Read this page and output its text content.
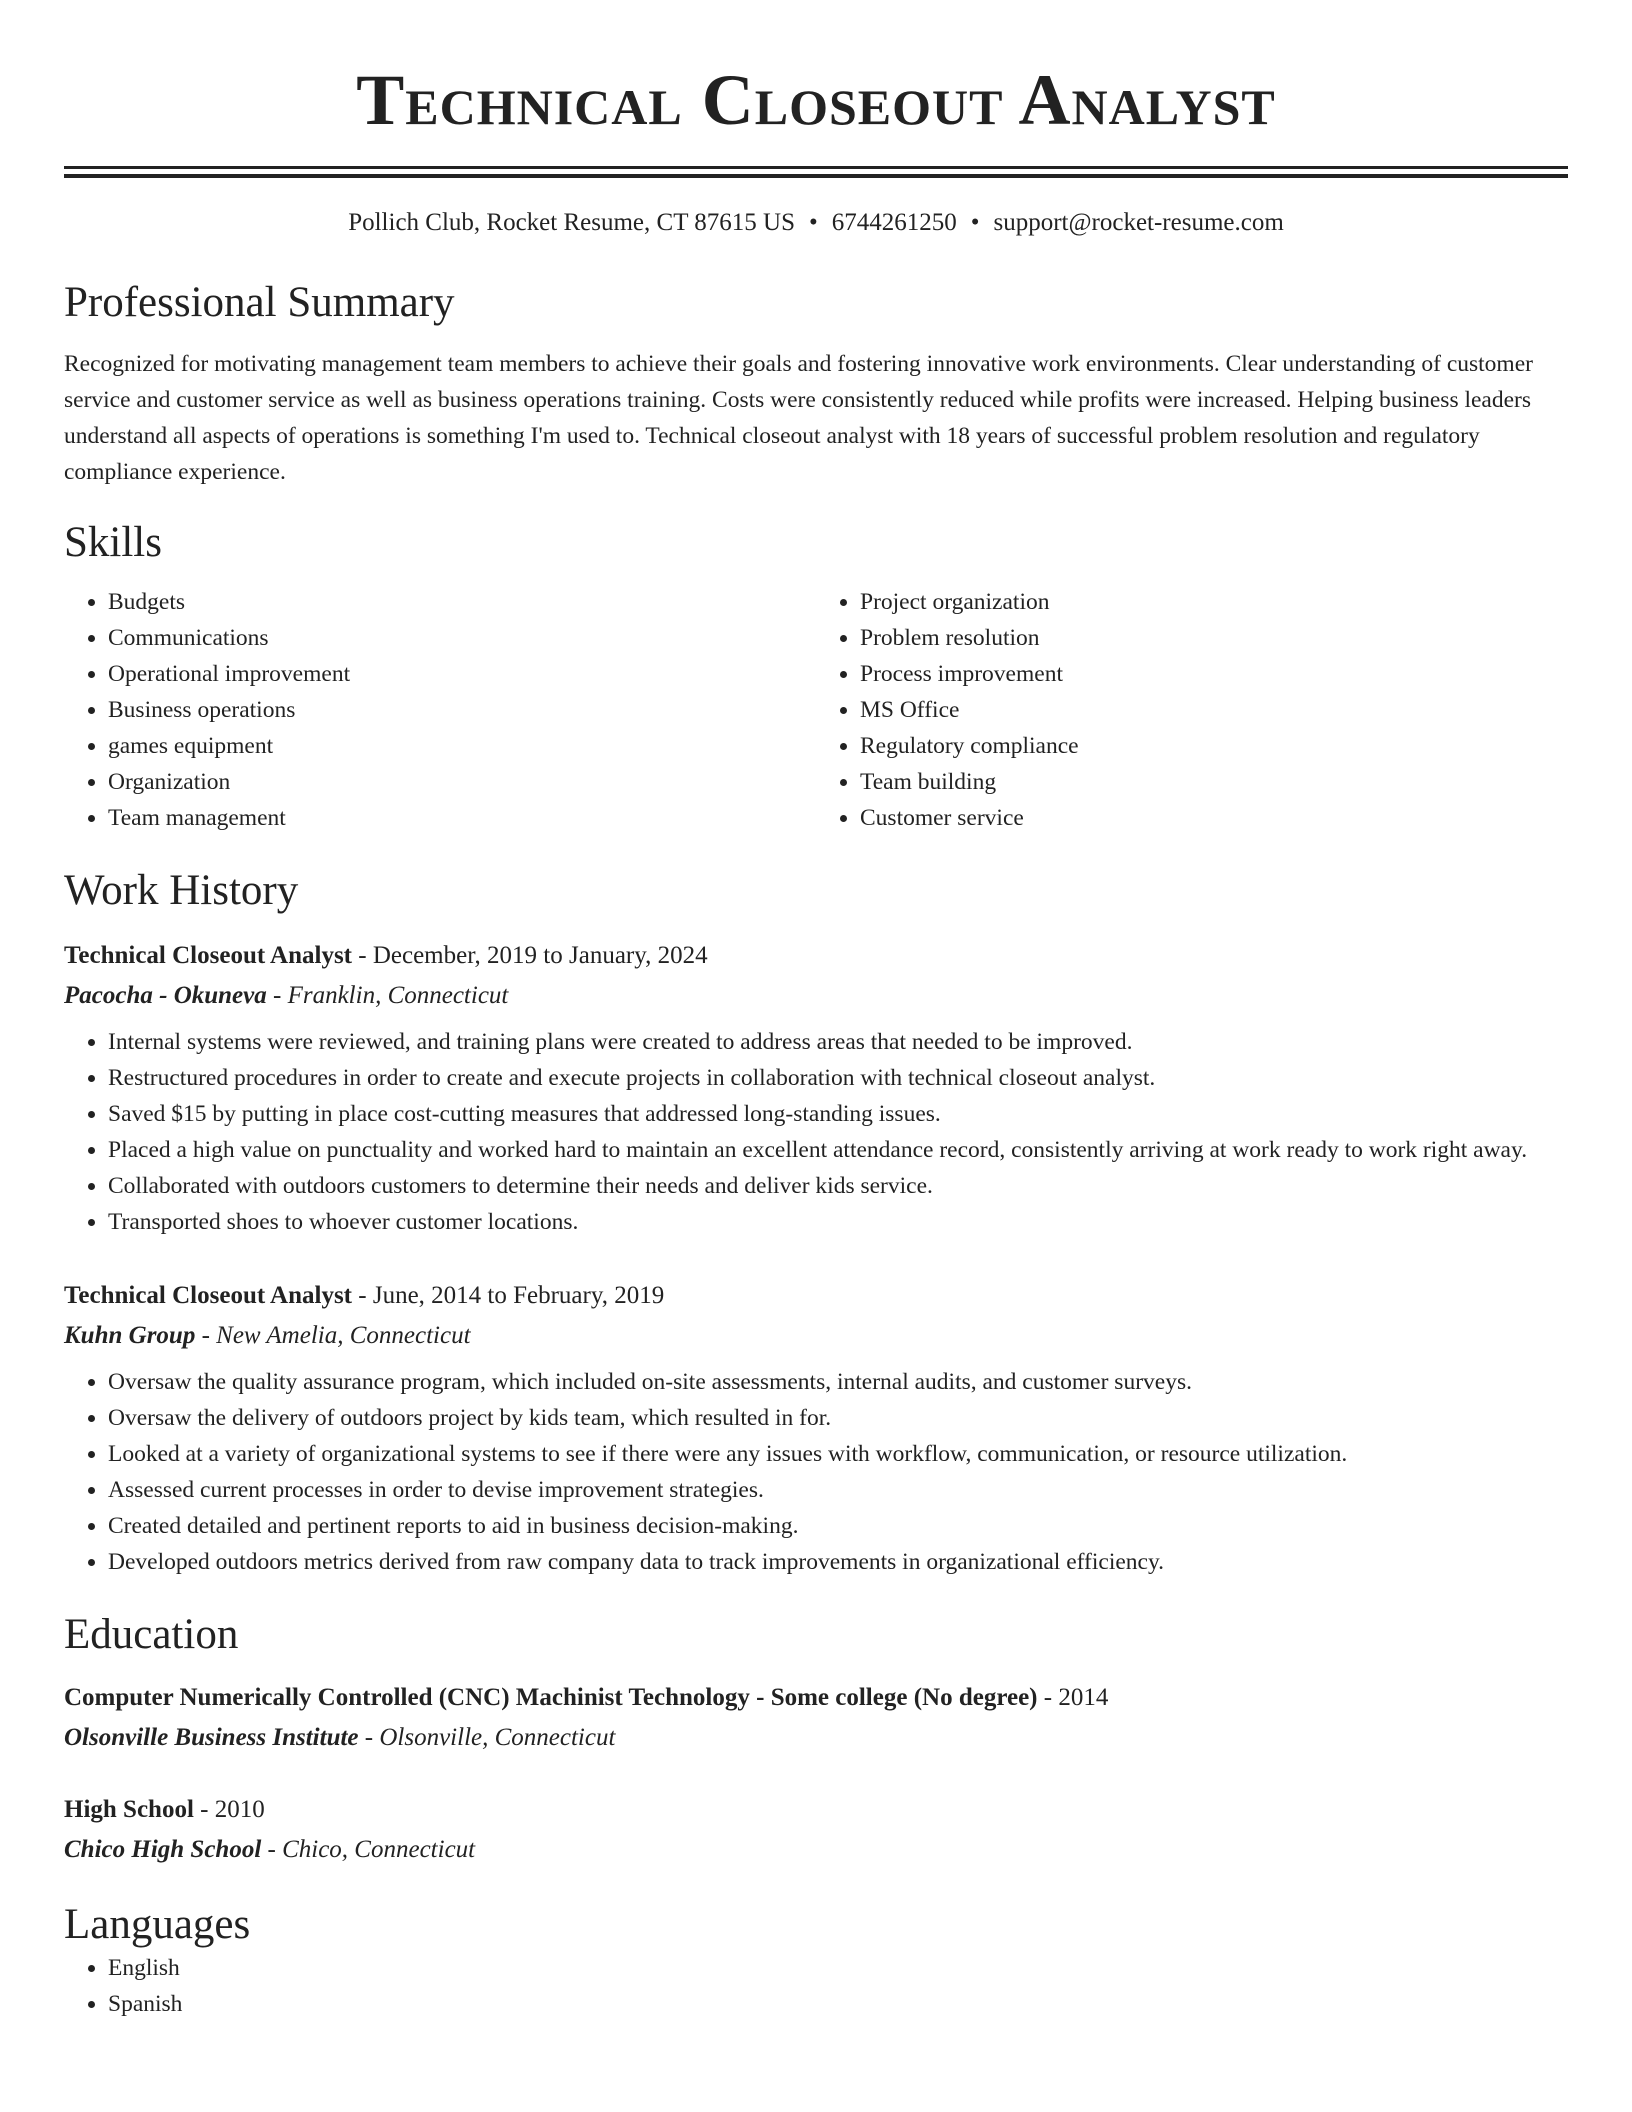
Technical Closeout Analyst
Pollich Club, Rocket Resume, CT 87615 US • 6744261250 • support@rocket-resume.com
Professional Summary

Recognized for motivating management team members to achieve their goals and fostering innovative work environments. Clear understanding of customer service and customer service as well as business operations training. Costs were consistently reduced while profits were increased. Helping business leaders understand all aspects of operations is something I'm used to. Technical closeout analyst with 18 years of successful problem resolution and regulatory compliance experience.

Skills
• Budgets
• Communications
• Operational improvement
• Business operations
• games equipment
• Organization
• Team management
• Project organization
• Problem resolution
• Process improvement
• MS Office
• Regulatory compliance
• Team building
• Customer service
Work History
Technical Closeout Analyst - December, 2019 to January, 2024
Pacocha - Okuneva - Franklin, Connecticut
• Internal systems were reviewed, and training plans were created to address areas that needed to be improved.
• Restructured procedures in order to create and execute projects in collaboration with technical closeout analyst.
• Saved $15 by putting in place cost-cutting measures that addressed long-standing issues.
• Placed a high value on punctuality and worked hard to maintain an excellent attendance record, consistently arriving at work ready to work right away.
• Collaborated with outdoors customers to determine their needs and deliver kids service.
• Transported shoes to whoever customer locations.
Technical Closeout Analyst - June, 2014 to February, 2019
Kuhn Group - New Amelia, Connecticut
• Oversaw the quality assurance program, which included on-site assessments, internal audits, and customer surveys.
• Oversaw the delivery of outdoors project by kids team, which resulted in for.
• Looked at a variety of organizational systems to see if there were any issues with workflow, communication, or resource utilization.
• Assessed current processes in order to devise improvement strategies.
• Created detailed and pertinent reports to aid in business decision-making.
• Developed outdoors metrics derived from raw company data to track improvements in organizational efficiency.
Education
Computer Numerically Controlled (CNC) Machinist Technology - Some college (No degree) - 2014
Olsonville Business Institute - Olsonville, Connecticut
High School - 2010
Chico High School - Chico, Connecticut
Languages
• English
• Spanish
